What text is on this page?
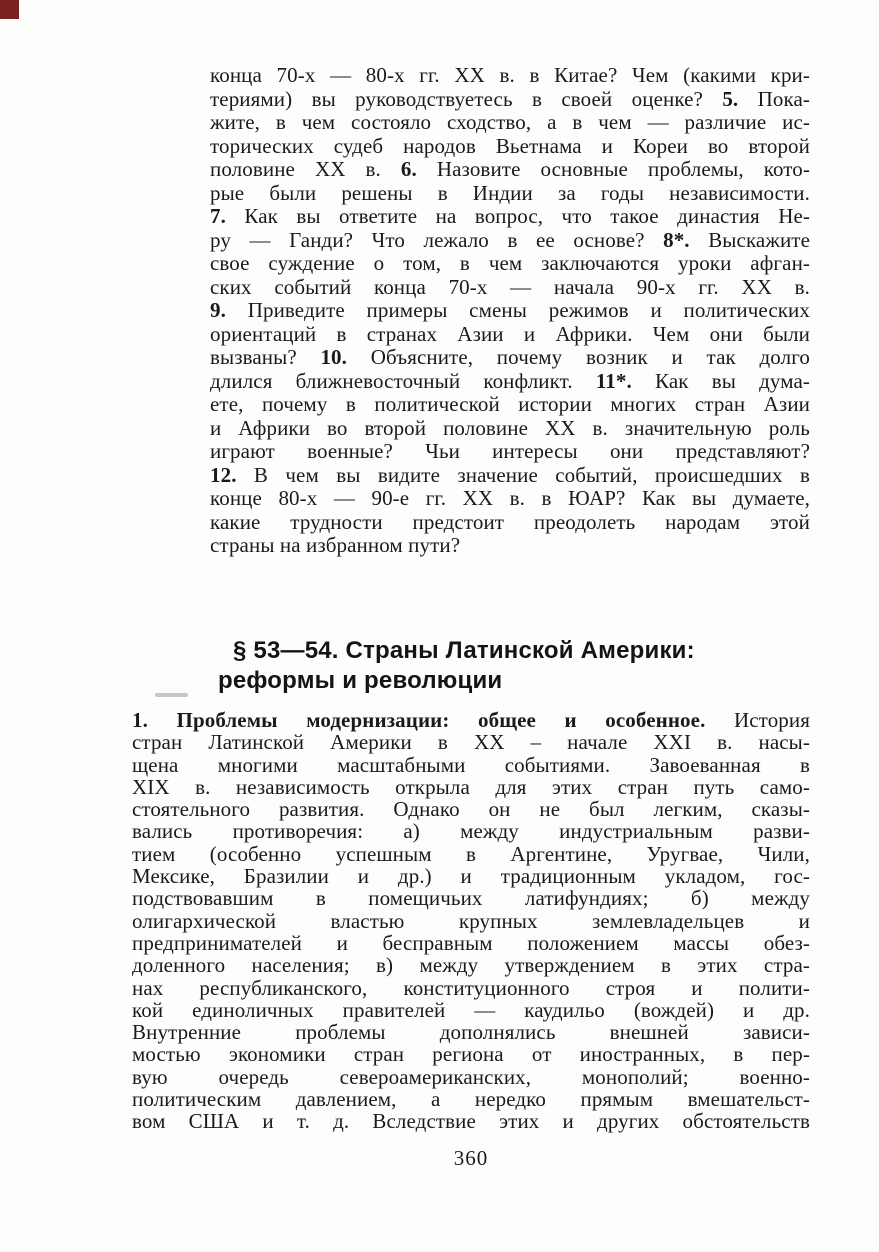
конца 70-х — 80-х гг. XX в. в Китае? Чем (какими кри-
териями) вы руководствуетесь в своей оценке? 5. Пока-
жите, в чем состояло сходство, а в чем — различие ис-
торических судеб народов Вьетнама и Кореи во второй
половине XX в. 6. Назовите основные проблемы, кото-
рые были решены в Индии за годы независимости.
7. Как вы ответите на вопрос, что такое династия Не-
ру — Ганди? Что лежало в ее основе? 8*. Выскажите
свое суждение о том, в чем заключаются уроки афган-
ских событий конца 70-х — начала 90-х гг. XX в.
9. Приведите примеры смены режимов и политических
ориентаций в странах Азии и Африки. Чем они были
вызваны? 10. Объясните, почему возник и так долго
длился ближневосточный конфликт. 11*. Как вы дума-
ете, почему в политической истории многих стран Азии
и Африки во второй половине XX в. значительную роль
играют военные? Чьи интересы они представляют?
12. В чем вы видите значение событий, происшедших в
конце 80-х — 90-е гг. XX в. в ЮАР? Как вы думаете,
какие трудности предстоит преодолеть народам этой
страны на избранном пути?
§ 53—54. Страны Латинской Америки:
реформы и революции
1. Проблемы модернизации: общее и особенное. История
стран Латинской Америки в XX – начале XXI в. насы-
щена многими масштабными событиями. Завоеванная в
XIX в. независимость открыла для этих стран путь само-
стоятельного развития. Однако он не был легким, сказы-
вались противоречия: а) между индустриальным разви-
тием (особенно успешным в Аргентине, Уругвае, Чили,
Мексике, Бразилии и др.) и традиционным укладом, гос-
подствовавшим в помещичьих латифундиях; б) между
олигархической властью крупных землевладельцев и
предпринимателей и бесправным положением массы обез-
доленного населения; в) между утверждением в этих стра-
нах республиканского, конституционного строя и полити-
кой единоличных правителей — каудильо (вождей) и др.
Внутренние проблемы дополнялись внешней зависи-
мостью экономики стран региона от иностранных, в пер-
вую очередь североамериканских, монополий; военно-
политическим давлением, а нередко прямым вмешательст-
вом США и т. д. Вследствие этих и других обстоятельств
360
